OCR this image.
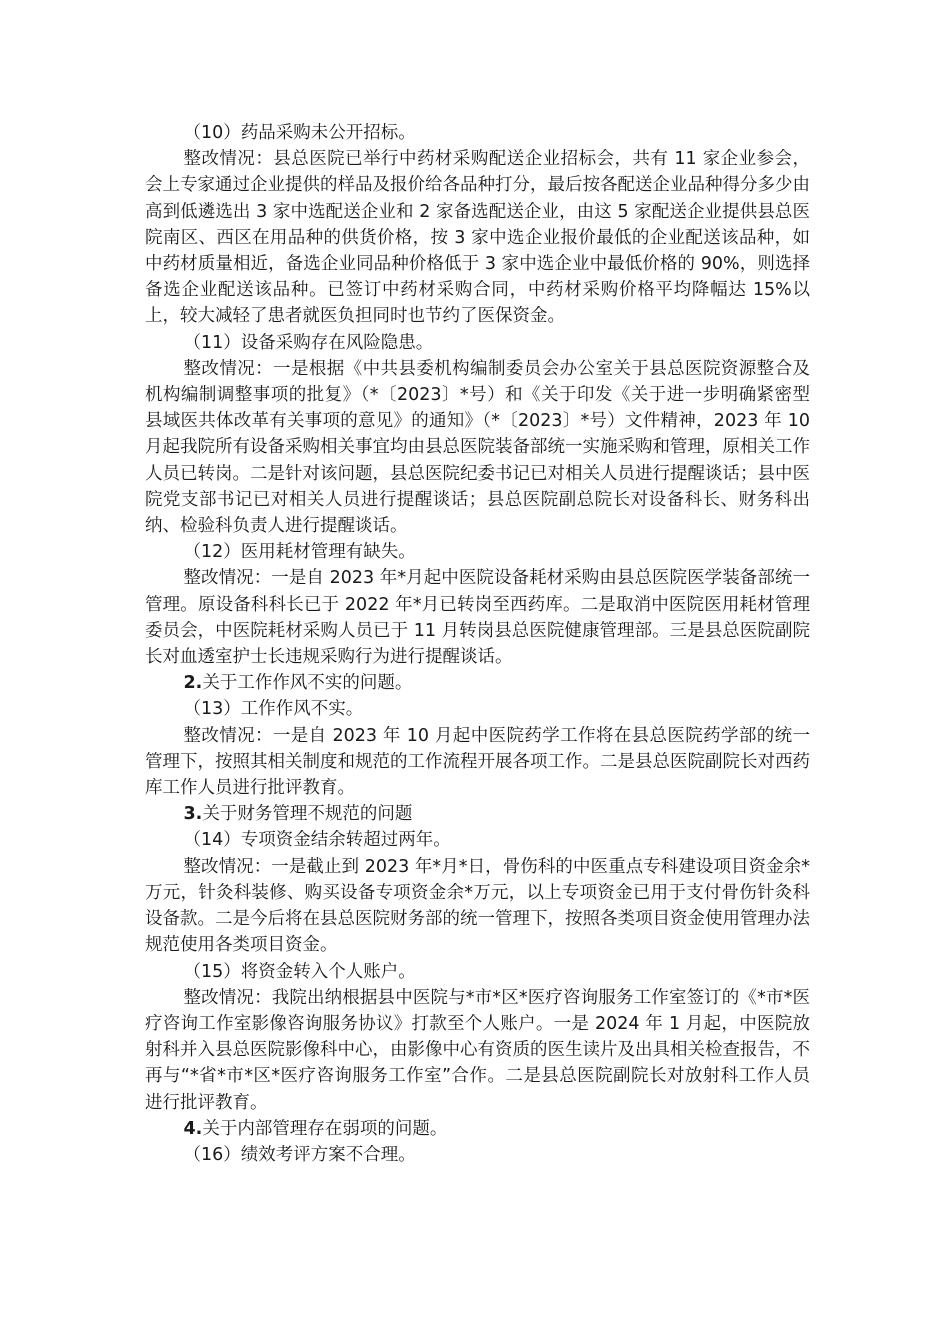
（10）药品采购未公开招标。

整改情况：县总医院已举行中药材采购配送企业招标会，共有 11 家企业参会，会上专家通过企业提供的样品及报价给各品种打分，最后按各配送企业品种得分多少由高到低遴选出 3 家中选配送企业和 2 家备选配送企业，由这 5 家配送企业提供县总医院南区、西区在用品种的供货价格，按 3 家中选企业报价最低的企业配送该品种，如中药材质量相近，备选企业同品种价格低于 3 家中选企业中最低价格的 90%，则选择备选企业配送该品种。已签订中药材采购合同，中药材采购价格平均降幅达 15%以上，较大减轻了患者就医负担同时也节约了医保资金。

（11）设备采购存在风险隐患。

整改情况：一是根据《中共县委机构编制委员会办公室关于县总医院资源整合及机构编制调整事项的批复》（*〔2023〕*号）和《关于印发《关于进一步明确紧密型县域医共体改革有关事项的意见》的通知》（*〔2023〕*号）文件精神，2023 年 10 月起我院所有设备采购相关事宜均由县总医院装备部统一实施采购和管理，原相关工作人员已转岗。二是针对该问题，县总医院纪委书记已对相关人员进行提醒谈话；县中医院党支部书记已对相关人员进行提醒谈话；县总医院副总院长对设备科长、财务科出纳、检验科负责人进行提醒谈话。

（12）医用耗材管理有缺失。

整改情况：一是自 2023 年*月起中医院设备耗材采购由县总医院医学装备部统一管理。原设备科科长已于 2022 年*月已转岗至西药库。二是取消中医院医用耗材管理委员会，中医院耗材采购人员已于 11 月转岗县总医院健康管理部。三是县总医院副院长对血透室护士长违规采购行为进行提醒谈话。

2.关于工作作风不实的问题。

（13）工作作风不实。

整改情况：一是自 2023 年 10 月起中医院药学工作将在县总医院药学部的统一管理下，按照其相关制度和规范的工作流程开展各项工作。二是县总医院副院长对西药库工作人员进行批评教育。

3.关于财务管理不规范的问题

（14）专项资金结余转超过两年。

整改情况：一是截止到 2023 年*月*日，骨伤科的中医重点专科建设项目资金余*万元，针灸科装修、购买设备专项资金余*万元，以上专项资金已用于支付骨伤针灸科设备款。二是今后将在县总医院财务部的统一管理下，按照各类项目资金使用管理办法规范使用各类项目资金。

（15）将资金转入个人账户。

整改情况：我院出纳根据县中医院与*市*区*医疗咨询服务工作室签订的《*市*医疗咨询工作室影像咨询服务协议》打款至个人账户。一是 2024 年 1 月起，中医院放射科并入县总医院影像科中心，由影像中心有资质的医生读片及出具相关检查报告，不再与“*省*市*区*医疗咨询服务工作室”合作。二是县总医院副院长对放射科工作人员进行批评教育。

4.关于内部管理存在弱项的问题。

（16）绩效考评方案不合理。
